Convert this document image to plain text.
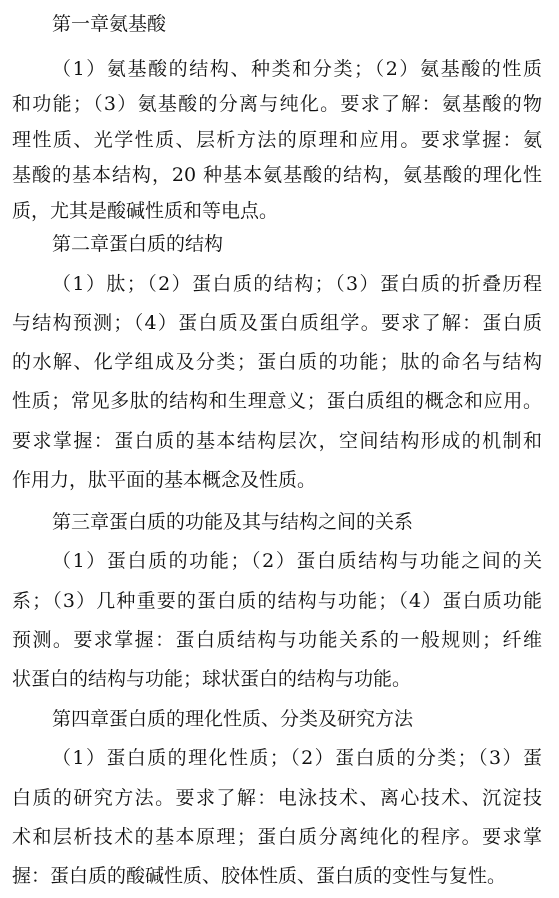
第一章氨基酸
（1）氨基酸的结构、种类和分类；（2）氨基酸的性质
和功能；（3）氨基酸的分离与纯化。要求了解：氨基酸的物
理性质、光学性质、层析方法的原理和应用。要求掌握：氨
基酸的基本结构，20 种基本氨基酸的结构，氨基酸的理化性
质，尤其是酸碱性质和等电点。
第二章蛋白质的结构
（1）肽；（2）蛋白质的结构；（3）蛋白质的折叠历程
与结构预测；（4）蛋白质及蛋白质组学。要求了解：蛋白质
的水解、化学组成及分类；蛋白质的功能；肽的命名与结构
性质；常见多肽的结构和生理意义；蛋白质组的概念和应用。
要求掌握：蛋白质的基本结构层次，空间结构形成的机制和
作用力，肽平面的基本概念及性质。
第三章蛋白质的功能及其与结构之间的关系
（1）蛋白质的功能；（2）蛋白质结构与功能之间的关
系；（3）几种重要的蛋白质的结构与功能；（4）蛋白质功能
预测。要求掌握：蛋白质结构与功能关系的一般规则；纤维
状蛋白的结构与功能；球状蛋白的结构与功能。
第四章蛋白质的理化性质、分类及研究方法
（1）蛋白质的理化性质；（2）蛋白质的分类；（3）蛋
白质的研究方法。要求了解：电泳技术、离心技术、沉淀技
术和层析技术的基本原理；蛋白质分离纯化的程序。要求掌
握：蛋白质的酸碱性质、胶体性质、蛋白质的变性与复性。
